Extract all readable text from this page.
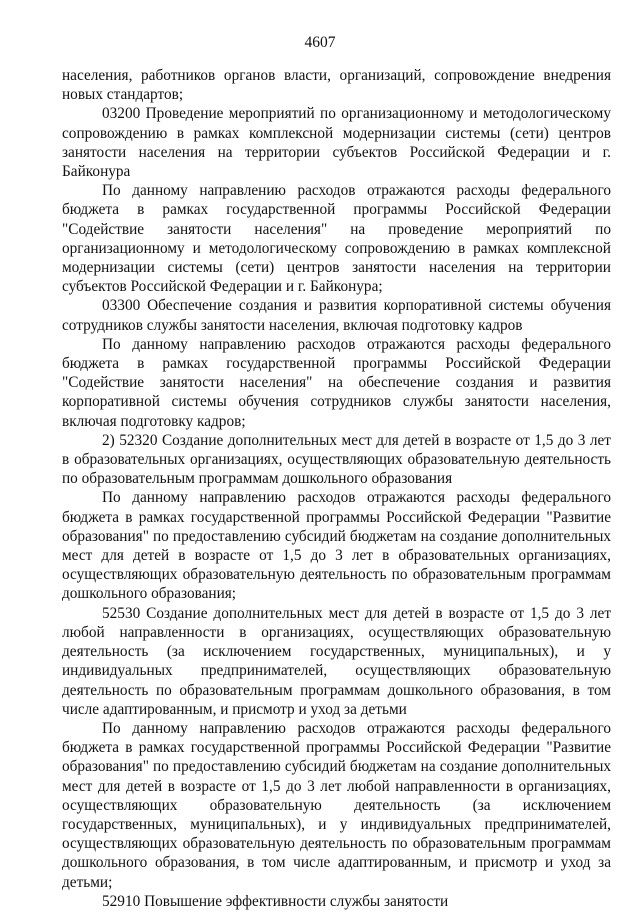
4607

населения, работников органов власти, организаций, сопровождение внедрения новых стандартов;

03200 Проведение мероприятий по организационному и методологическому сопровождению в рамках комплексной модернизации системы (сети) центров занятости населения на территории субъектов Российской Федерации и г. Байконура

По данному направлению расходов отражаются расходы федерального бюджета в рамках государственной программы Российской Федерации "Содействие занятости населения" на проведение мероприятий по организационному и методологическому сопровождению в рамках комплексной модернизации системы (сети) центров занятости населения на территории субъектов Российской Федерации и г. Байконура;

03300 Обеспечение создания и развития корпоративной системы обучения сотрудников службы занятости населения, включая подготовку кадров

По данному направлению расходов отражаются расходы федерального бюджета в рамках государственной программы Российской Федерации "Содействие занятости населения" на обеспечение создания и развития корпоративной системы обучения сотрудников службы занятости населения, включая подготовку кадров;

2) 52320 Создание дополнительных мест для детей в возрасте от 1,5 до 3 лет в образовательных организациях, осуществляющих образовательную деятельность по образовательным программам дошкольного образования

По данному направлению расходов отражаются расходы федерального бюджета в рамках государственной программы Российской Федерации "Развитие образования" по предоставлению субсидий бюджетам на создание дополнительных мест для детей в возрасте от 1,5 до 3 лет в образовательных организациях, осуществляющих образовательную деятельность по образовательным программам дошкольного образования;

52530 Создание дополнительных мест для детей в возрасте от 1,5 до 3 лет любой направленности в организациях, осуществляющих образовательную деятельность (за исключением государственных, муниципальных), и у индивидуальных предпринимателей, осуществляющих образовательную деятельность по образовательным программам дошкольного образования, в том числе адаптированным, и присмотр и уход за детьми

По данному направлению расходов отражаются расходы федерального бюджета в рамках государственной программы Российской Федерации "Развитие образования" по предоставлению субсидий бюджетам на создание дополнительных мест для детей в возрасте от 1,5 до 3 лет любой направленности в организациях, осуществляющих образовательную деятельность (за исключением государственных, муниципальных), и у индивидуальных предпринимателей, осуществляющих образовательную деятельность по образовательным программам дошкольного образования, в том числе адаптированным, и присмотр и уход за детьми;

52910 Повышение эффективности службы занятости
